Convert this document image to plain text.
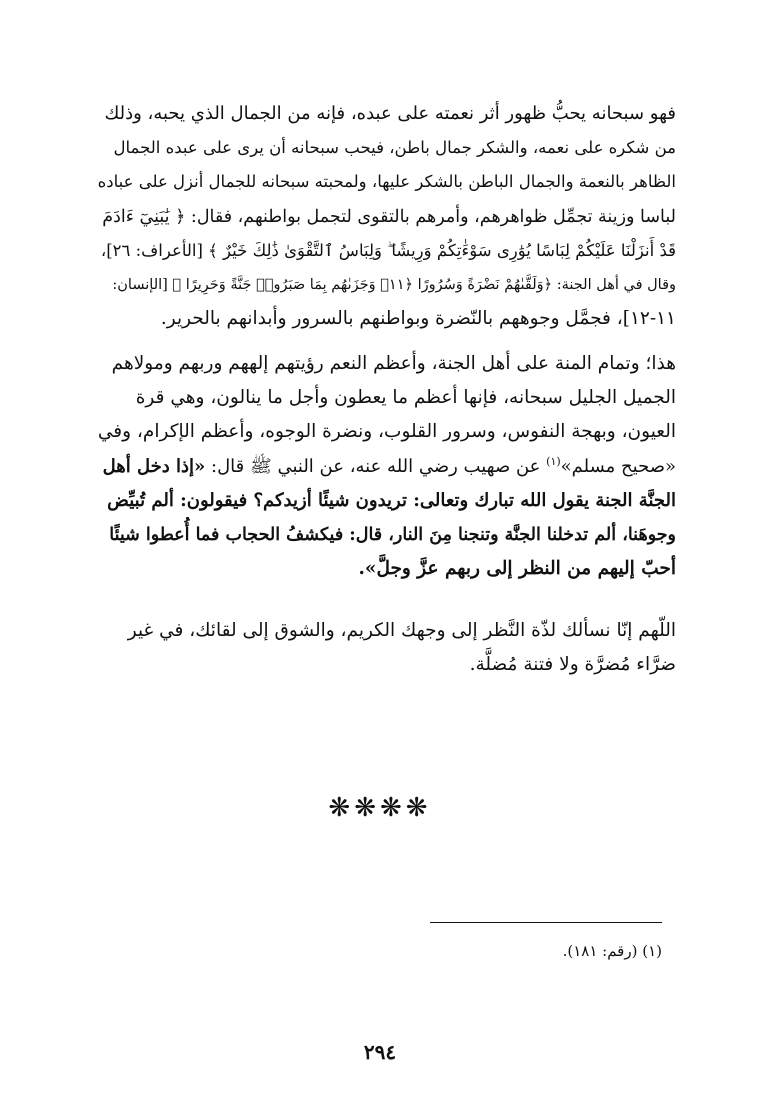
فهو سبحانه يحبُّ ظهور أثر نعمته على عبده، فإنه من الجمال الذي يحبه، وذلك
من شكره على نعمه، والشكر جمال باطن، فيحب سبحانه أن يرى على عبده الجمال
الظاهر بالنعمة والجمال الباطن بالشكر عليها، ولمحبته سبحانه للجمال أنزل على عباده
لباسا وزينة تجمِّل ظواهرهم، وأمرهم بالتقوى لتجمل بواطنهم، فقال: ﴿ يَٰبَنِيٓ ءَادَمَ
قَدْ أَنزَلْنَا عَلَيْكُمْ لِبَاسًا يُوَٰرِى سَوْءَٰتِكُمْ وَرِيشًا ۖ وَلِبَاسُ ٱلتَّقْوَىٰ ذَٰلِكَ خَيْرٌ ﴾ [الأعراف: ٢٦]،
وقال في أهل الجنة: ﴿وَلَقَّىٰهُمْ نَضْرَةً وَسُرُورًا ﴿١١﴾ وَجَزَىٰهُم بِمَا صَبَرُوا۟ جَنَّةً وَحَرِيرًا ﴾ [الإنسان:
١١-١٢]، فجمَّل وجوههم بالنّضرة وبواطنهم بالسرور وأبدانهم بالحرير.
هذا؛ وتمام المنة على أهل الجنة، وأعظم النعم رؤيتهم إلههم وربهم ومولاهم
الجميل الجليل سبحانه، فإنها أعظم ما يعطون وأجل ما ينالون، وهي قرة
العيون، وبهجة النفوس، وسرور القلوب، ونضرة الوجوه، وأعظم الإكرام، وفي
«صحيح مسلم»$^{(١)}$ عن صهيب رضي الله عنه، عن النبي ﷺ قال: «إذا دخل أهل
الجنَّة الجنة يقول الله تبارك وتعالى: تريدون شيئًا أزيدكم؟ فيقولون: ألم تُبيِّض
وجوهَنا، ألم تدخلنا الجنَّة وتنجنا مِنَ النار، قال: فيكشفُ الحجاب فما أُعطوا شيئًا
أحبّ إليهم من النظر إلى ربهم عزَّ وجلَّ».
اللّهم إنّا نسألك لذّة النَّظر إلى وجهك الكريم، والشوق إلى لقائك، في غير
ضرَّاء مُضرَّة ولا فتنة مُضلَّة.
❋❋❋❋
(١) (رقم: ١٨١).
٢٩٤
